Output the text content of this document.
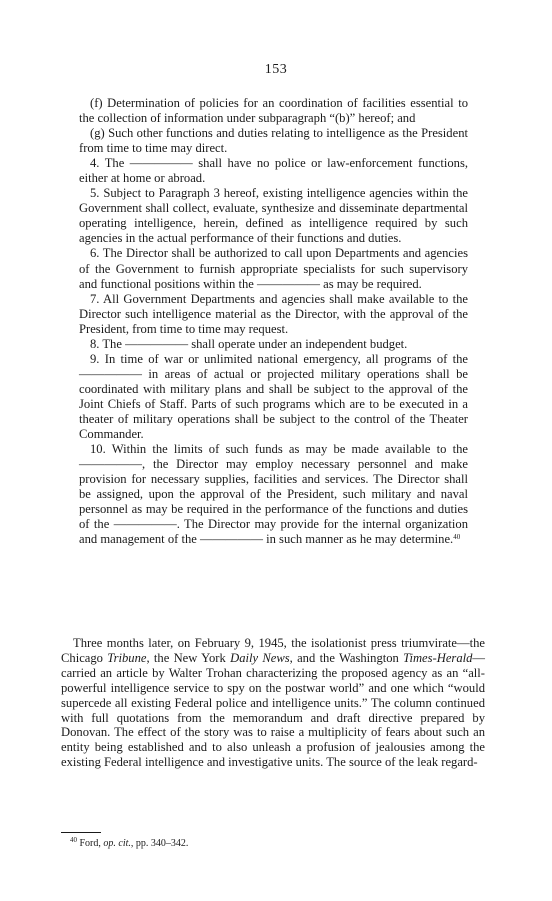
153

(f) Determination of policies for an coordination of facilities essential to the collection of information under subparagraph “(b)” hereof; and

(g) Such other functions and duties relating to intelligence as the President from time to time may direct.

4. The ————— shall have no police or law-enforcement functions, either at home or abroad.

5. Subject to Paragraph 3 hereof, existing intelligence agencies within the Government shall collect, evaluate, synthesize and disseminate departmental operating intelligence, herein, defined as intelligence required by such agencies in the actual performance of their functions and duties.

6. The Director shall be authorized to call upon Departments and agencies of the Government to furnish appropriate specialists for such supervisory and functional positions within the ————— as may be required.

7. All Government Departments and agencies shall make available to the Director such intelligence material as the Director, with the approval of the President, from time to time may request.

8. The ————— shall operate under an independent budget.

9. In time of war or unlimited national emergency, all programs of the ————— in areas of actual or projected military operations shall be coordinated with military plans and shall be subject to the approval of the Joint Chiefs of Staff. Parts of such programs which are to be executed in a theater of military operations shall be subject to the control of the Theater Commander.

10. Within the limits of such funds as may be made available to the —————, the Director may employ necessary personnel and make provision for necessary supplies, facilities and services. The Director shall be assigned, upon the approval of the President, such military and naval personnel as may be required in the performance of the functions and duties of the —————. The Director may provide for the internal organization and management of the ————— in such manner as he may determine.$^{40}$

Three months later, on February 9, 1945, the isolationist press triumvirate—the Chicago Tribune, the New York Daily News, and the Washington Times-Herald—carried an article by Walter Trohan characterizing the proposed agency as an “all-powerful intelligence service to spy on the postwar world” and one which “would supercede all existing Federal police and intelligence units.” The column continued with full quotations from the memorandum and draft directive prepared by Donovan. The effect of the story was to raise a multiplicity of fears about such an entity being established and to also unleash a profusion of jealousies among the existing Federal intelligence and investigative units. The source of the leak regard-

$^{40}$ Ford, op. cit., pp. 340–342.
